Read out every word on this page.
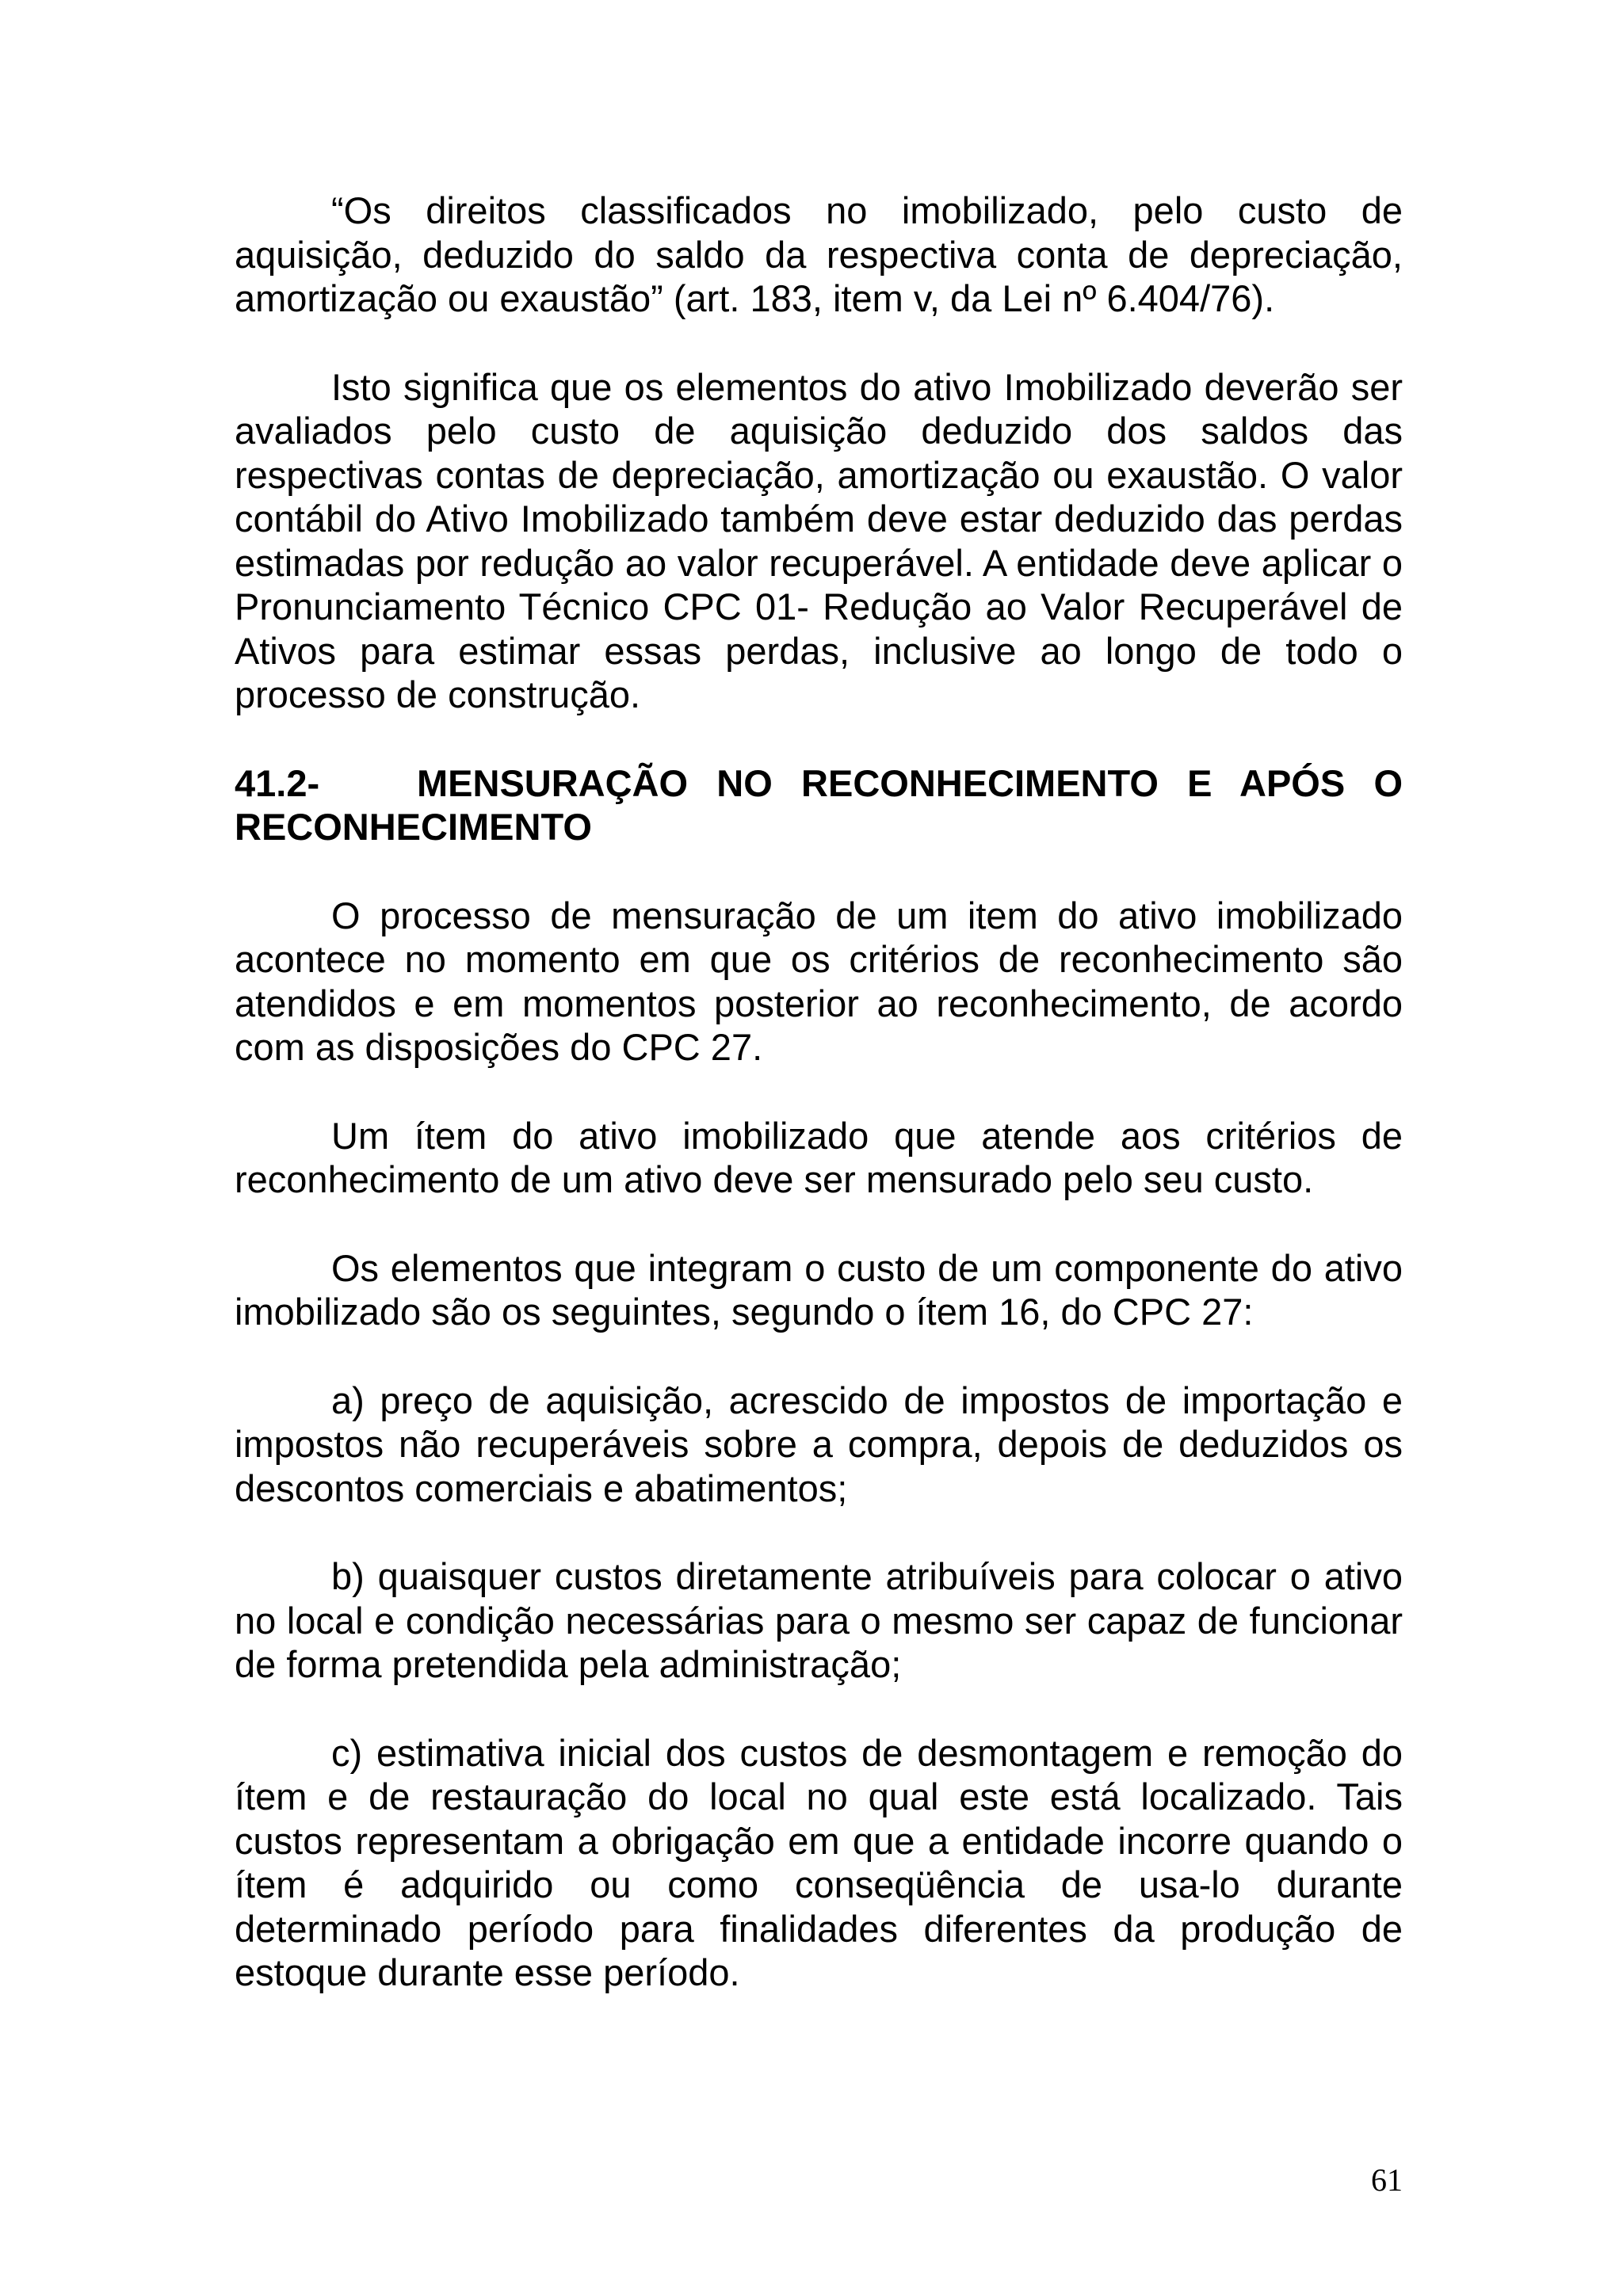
“Os direitos classificados no imobilizado, pelo custo de aquisição, deduzido do saldo da respectiva conta de depreciação, amortização ou exaustão” (art. 183, item v, da Lei nº 6.404/76).

Isto significa que os elementos do ativo Imobilizado deverão ser avaliados pelo custo de aquisição deduzido dos saldos das respectivas contas de depreciação, amortização ou exaustão. O valor contábil do Ativo Imobilizado também deve estar deduzido das perdas estimadas por redução ao valor recuperável. A entidade deve aplicar o Pronunciamento Técnico CPC 01- Redução ao Valor Recuperável de Ativos para estimar essas perdas, inclusive ao longo de todo o processo de construção.

41.2-	MENSURAÇÃO NO RECONHECIMENTO E APÓS O RECONHECIMENTO

O processo de mensuração de um item do ativo imobilizado acontece no momento em que os critérios de reconhecimento são atendidos e em momentos posterior ao reconhecimento, de acordo com as disposições do CPC 27.

Um ítem do ativo imobilizado que atende aos critérios de reconhecimento de um ativo deve ser mensurado pelo seu custo.

Os elementos que integram o custo de um componente do ativo imobilizado são os seguintes, segundo o ítem 16, do CPC 27:

a) preço de aquisição, acrescido de impostos de importação e impostos não recuperáveis sobre a compra, depois de deduzidos os descontos comerciais e abatimentos;

b) quaisquer custos diretamente atribuíveis para colocar o ativo no local e condição necessárias para o mesmo ser capaz de funcionar de forma pretendida pela administração;

c) estimativa inicial dos custos de desmontagem e remoção do ítem e de restauração do local no qual este está localizado. Tais custos representam a obrigação em que a entidade incorre quando o ítem é adquirido ou como conseqüência de usa-lo durante determinado período para finalidades diferentes da produção de estoque durante esse período.

61
